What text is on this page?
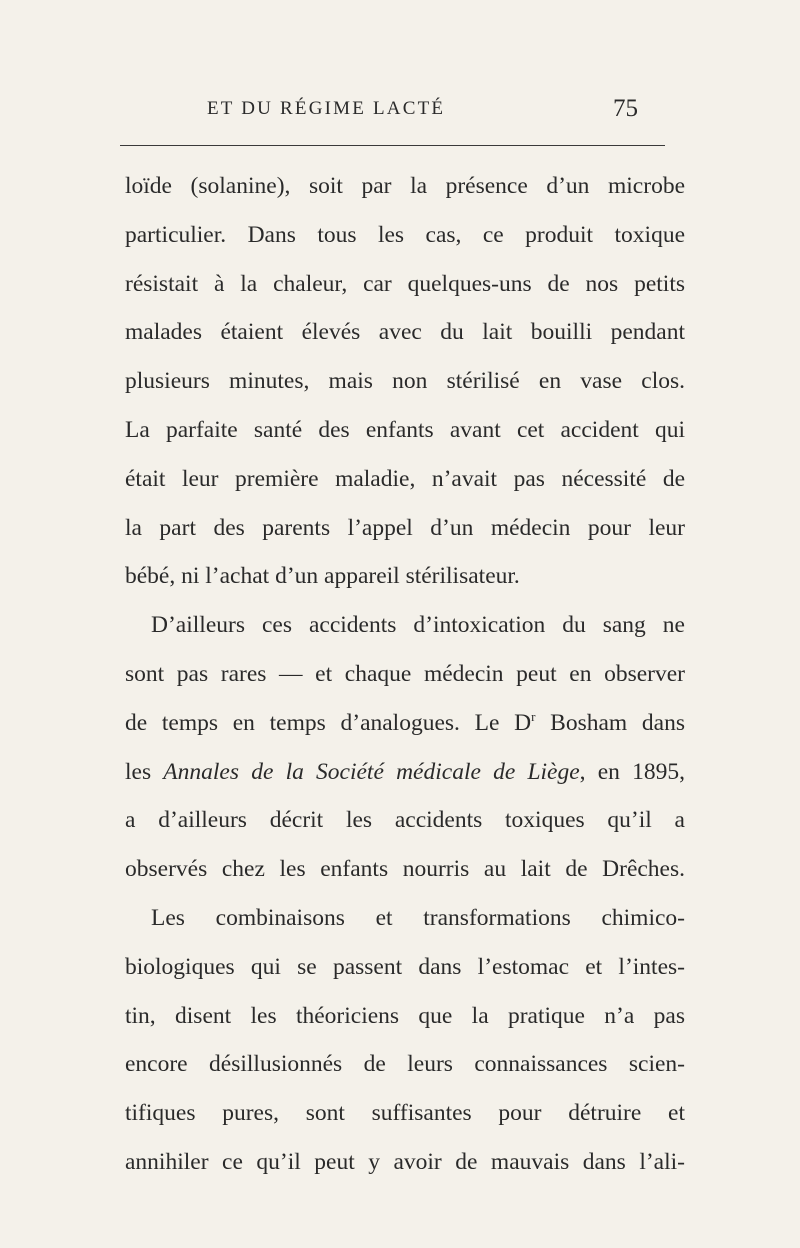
ET DU RÉGIME LACTÉ	75
loïde (solanine), soit par la présence d’un microbe
particulier. Dans tous les cas, ce produit toxique
résistait à la chaleur, car quelques-uns de nos petits
malades étaient élevés avec du lait bouilli pendant
plusieurs minutes, mais non stérilisé en vase clos.
La parfaite santé des enfants avant cet accident qui
était leur première maladie, n’avait pas nécessité de
la part des parents l’appel d’un médecin pour leur
bébé, ni l’achat d’un appareil stérilisateur.
D’ailleurs ces accidents d’intoxication du sang ne
sont pas rares — et chaque médecin peut en observer
de temps en temps d’analogues. Le $D^r$ Bosham dans
les Annales de la Société médicale de Liège, en 1895,
a d’ailleurs décrit les accidents toxiques qu’il a
observés chez les enfants nourris au lait de Drêches.
Les combinaisons et transformations chimico-
biologiques qui se passent dans l’estomac et l’intes-
tin, disent les théoriciens que la pratique n’a pas
encore désillusionnés de leurs connaissances scien-
tifiques pures, sont suffisantes pour détruire et
annihiler ce qu’il peut y avoir de mauvais dans l’ali-
